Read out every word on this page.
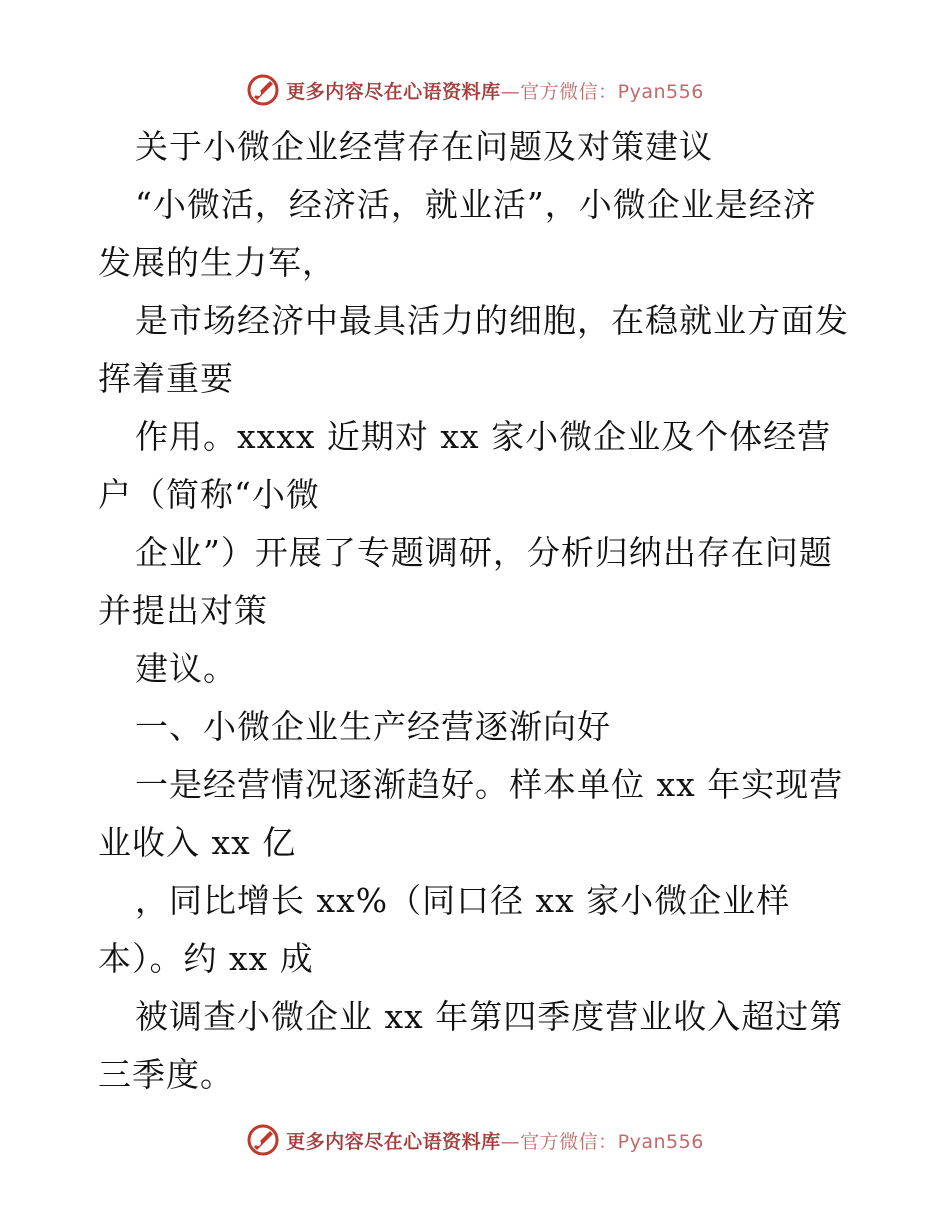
更多内容尽在心语资料库—官方微信：Pyan556
关于小微企业经营存在问题及对策建议
“小微活，经济活，就业活”，小微企业是经济
发展的生力军，
是市场经济中最具活力的细胞，在稳就业方面发
挥着重要
作用。xxxx 近期对 xx 家小微企业及个体经营
户（简称“小微
企业”）开展了专题调研，分析归纳出存在问题
并提出对策
建议。
一、小微企业生产经营逐渐向好
一是经营情况逐渐趋好。样本单位 xx 年实现营
业收入 xx 亿
，同比增长 xx%（同口径 xx 家小微企业样
本）。约 xx 成
被调查小微企业 xx 年第四季度营业收入超过第
三季度。
更多内容尽在心语资料库—官方微信：Pyan556
